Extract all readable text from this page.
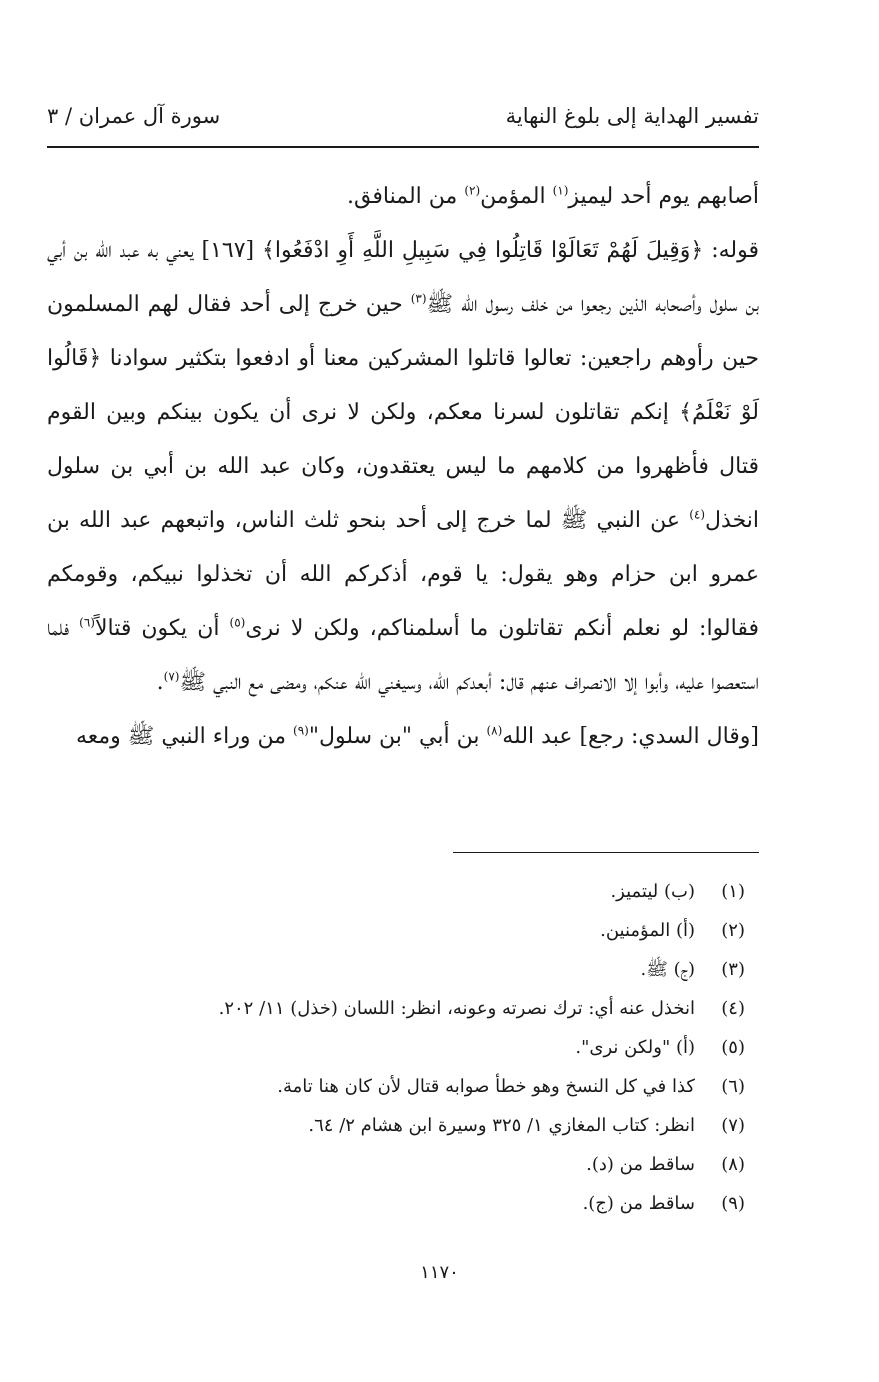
تفسير الهداية إلى بلوغ النهاية
سورة آل عمران / ٣

أصابهم يوم أحد ليميز$^{(١)}$ المؤمن$^{(٢)}$ من المنافق.

قوله: ﴿وَقِيلَ لَهُمْ تَعَالَوْا قَاتِلُوا فِي سَبِيلِ اللَّهِ أَوِ ادْفَعُوا﴾ [١٦٧] يعني به عبد الله بن أبي بن سلول وأصحابه الذين رجعوا من خلف رسول الله ﷺ$^{(٣)}$ حين خرج إلى أحد فقال لهم المسلمون حين رأوهم راجعين: تعالوا قاتلوا المشركين معنا أو ادفعوا بتكثير سوادنا ﴿قَالُوا لَوْ نَعْلَمُ﴾ إنكم تقاتلون لسرنا معكم، ولكن لا نرى أن يكون بينكم وبين القوم قتال فأظهروا من كلامهم ما ليس يعتقدون، وكان عبد الله بن أبي بن سلول انخذل$^{(٤)}$ عن النبي ﷺ لما خرج إلى أحد بنحو ثلث الناس، واتبعهم عبد الله بن عمرو ابن حزام وهو يقول: يا قوم، أذكركم الله أن تخذلوا نبيكم، وقومكم فقالوا: لو نعلم أنكم تقاتلون ما أسلمناكم، ولكن لا نرى$^{(٥)}$ أن يكون قتالاً$^{(٦)}$ فلما استعصوا عليه، وأبوا إلا الانصراف عنهم قال: أبعدكم الله، وسيغني الله عنكم، ومضى مع النبي ﷺ$^{(٧)}$.

[وقال السدي: رجع] عبد الله$^{(٨)}$ بن أبي "بن سلول"$^{(٩)}$ من وراء النبي ﷺ ومعه

(١)
(ب) ليتميز.
(٢)
(أ) المؤمنين.
(٣)
(ج) ﷺ.
(٤)
انخذل عنه أي: ترك نصرته وعونه، انظر: اللسان (خذل) ١١/ ٢٠٢.
(٥)
(أ) "ولكن نرى".
(٦)
كذا في كل النسخ وهو خطأ صوابه قتال لأن كان هنا تامة.
(٧)
انظر: كتاب المغازي ١/ ٣٢٥ وسيرة ابن هشام ٢/ ٦٤.
(٨)
ساقط من (د).
(٩)
ساقط من (ج).
١١٧٠
